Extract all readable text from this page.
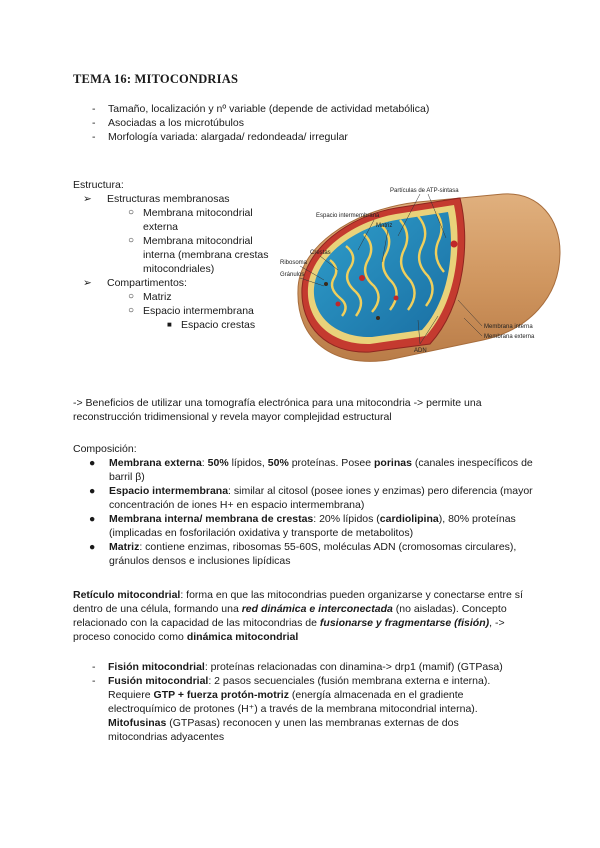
TEMA 16: MITOCONDRIAS
- Tamaño, localización y nº variable (depende de actividad metabólica)
- Asociadas a los microtúbulos
- Morfología variada: alargada/ redondeada/ irregular
Estructura:
➢ Estructuras membranosas
○ Membrana mitocondrial externa
○ Membrana mitocondrial interna (membrana crestas mitocondriales)
➢ Compartimentos:
○ Matriz
○ Espacio intermembrana
■ Espacio crestas
Partículas de ATP-sintasa
Espacio intermembrana
Matriz
Crestas
Ribosoma
Gránulos
Membrana interna
Membrana externa
ADN
-> Beneficios de utilizar una tomografía electrónica para una mitocondria -> permite una reconstrucción tridimensional y revela mayor complejidad estructural
Composición:
● Membrana externa: 50% lípidos, 50% proteínas. Posee porinas (canales inespecíficos de barril β)
● Espacio intermembrana: similar al citosol (posee iones y enzimas) pero diferencia (mayor concentración de iones H+ en espacio intermembrana)
● Membrana interna/ membrana de crestas: 20% lípidos (cardiolipina), 80% proteínas (implicadas en fosforilación oxidativa y transporte de metabolitos)
● Matriz: contiene enzimas, ribosomas 55-60S, moléculas ADN (cromosomas circulares), gránulos densos e inclusiones lipídicas
Retículo mitocondrial: forma en que las mitocondrias pueden organizarse y conectarse entre sí dentro de una célula, formando una red dinámica e interconectada (no aisladas). Concepto relacionado con la capacidad de las mitocondrias de fusionarse y fragmentarse (fisión), -> proceso conocido como dinámica mitocondrial
- Fisión mitocondrial: proteínas relacionadas con dinamina-> drp1 (mamif) (GTPasa)
- Fusión mitocondrial: 2 pasos secuenciales (fusión membrana externa e interna). Requiere GTP + fuerza protón-motriz (energía almacenada en el gradiente electroquímico de protones (H⁺) a través de la membrana mitocondrial interna).
Mitofusinas (GTPasas) reconocen y unen las membranas externas de dos mitocondrias adyacentes
